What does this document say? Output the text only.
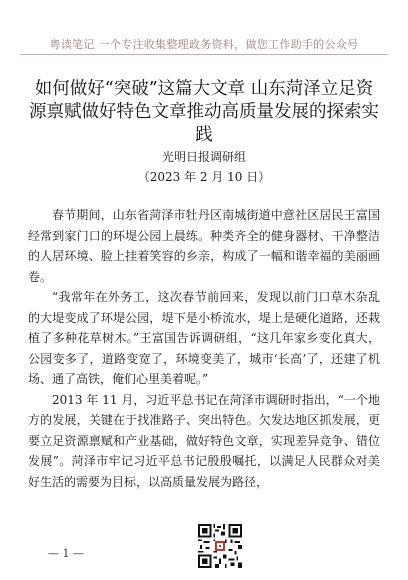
粤读笔记 一个专注收集整理政务资料，做您工作助手的公众号
如何做好“突破”这篇大文章 山东菏泽立足资源禀赋做好特色文章推动高质量发展的探索实践
光明日报调研组
（2023 年 2 月 10 日）

春节期间，山东省菏泽市牡丹区南城街道中意社区居民王富国经常到家门口的环堤公园上晨练。种类齐全的健身器材、干净整洁的人居环境、脸上挂着笑容的乡亲，构成了一幅和谐幸福的美丽画卷。

“我常年在外务工，这次春节前回来，发现以前门口草木杂乱的大堤变成了环堤公园，堤下是小桥流水，堤上是硬化道路，还栽植了多种花草树木。”王富国告诉调研组，“这几年家乡变化真大，公园变多了，道路变宽了，环境变美了，城市‘长高’了，还建了机场、通了高铁，俺们心里美着呢。”

2013 年 11 月，习近平总书记在菏泽市调研时指出，“一个地方的发展，关键在于找准路子、突出特色。欠发达地区抓发展，更要立足资源禀赋和产业基础，做好特色文章，实现差异竞争、错位发展”。菏泽市牢记习近平总书记殷殷嘱托，以满足人民群众对美好生活的需要为目标，以高质量发展为路径，

— 1 —
